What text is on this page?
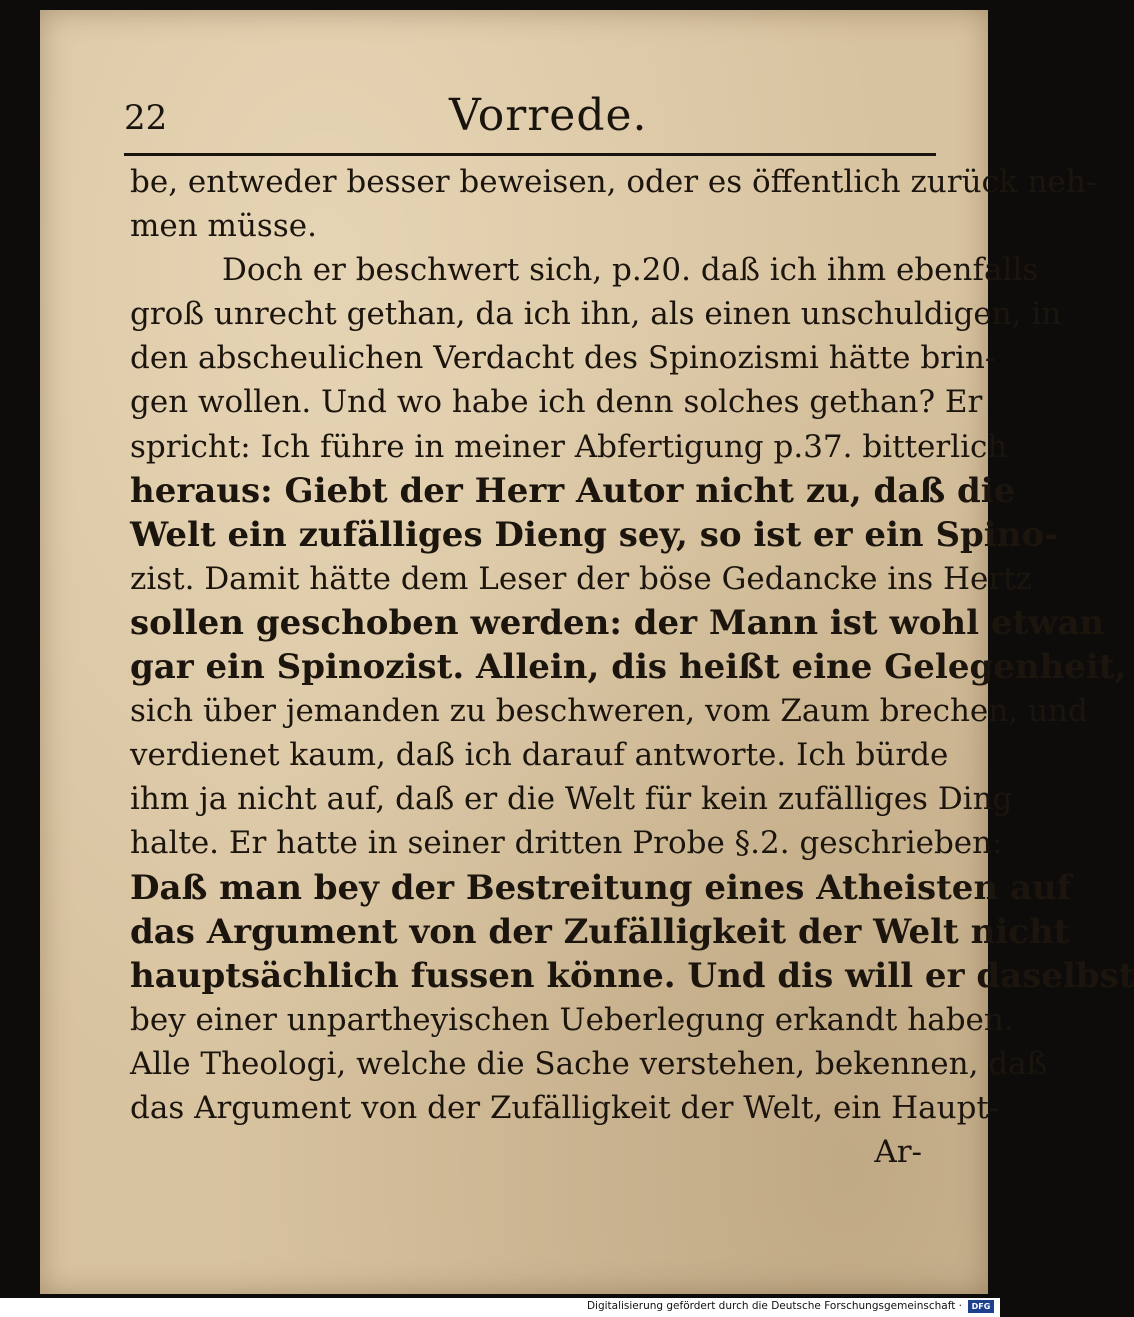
22	Vorrede.
be, entweder besser beweisen, oder es öffentlich zurück neh-
men müsse.
Doch er beschwert sich, p.20. daß ich ihm ebenfalls
groß unrecht gethan, da ich ihn, als einen unschuldigen, in
den abscheulichen Verdacht des Spinozismi hätte brin-
gen wollen. Und wo habe ich denn solches gethan? Er
spricht: Ich führe in meiner Abfertigung p.37. bitterlich
heraus: Giebt der Herr Autor nicht zu, daß die
Welt ein zufälliges Dieng sey, so ist er ein Spino-
zist. Damit hätte dem Leser der böse Gedancke ins Hertz
sollen geschoben werden: der Mann ist wohl etwan
gar ein Spinozist. Allein, dis heißt eine Gelegenheit,
sich über jemanden zu beschweren, vom Zaum brechen, und
verdienet kaum, daß ich darauf antworte. Ich bürde
ihm ja nicht auf, daß er die Welt für kein zufälliges Ding
halte. Er hatte in seiner dritten Probe §.2. geschrieben:
Daß man bey der Bestreitung eines Atheisten auf
das Argument von der Zufälligkeit der Welt nicht
hauptsächlich fussen könne. Und dis will er daselbst
bey einer unpartheyischen Ueberlegung erkandt haben.
Alle Theologi, welche die Sache verstehen, bekennen, daß
das Argument von der Zufälligkeit der Welt, ein Haupt-
Ar-
Digitalisierung gefördert durch die Deutsche Forschungsgemeinschaft ·	DFG
